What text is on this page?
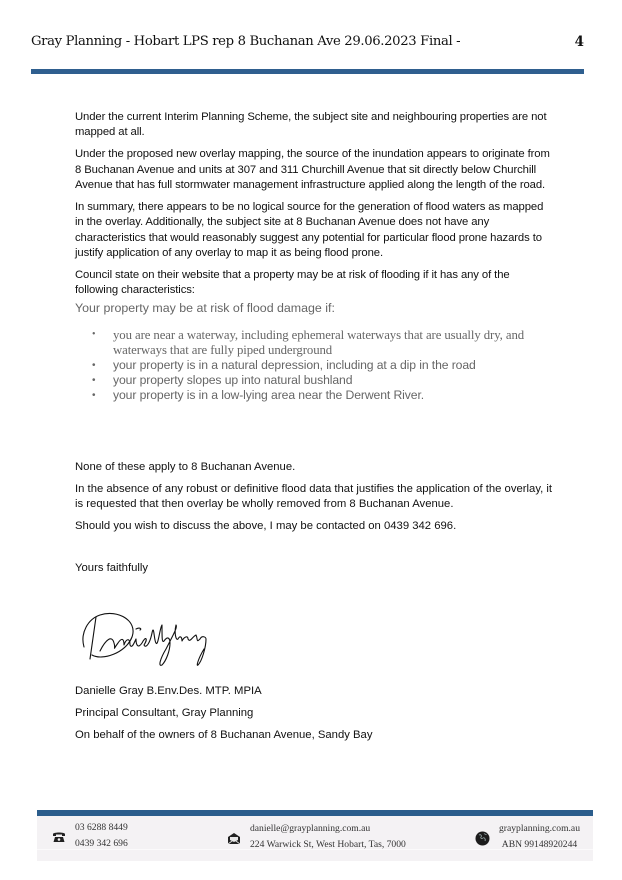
Gray Planning - Hobart LPS rep 8 Buchanan Ave 29.06.2023 Final -	4

Under the current Interim Planning Scheme, the subject site and neighbouring properties are not mapped at all.

Under the proposed new overlay mapping, the source of the inundation appears to originate from 8 Buchanan Avenue and units at 307 and 311 Churchill Avenue that sit directly below Churchill Avenue that has full stormwater management infrastructure applied along the length of the road.

In summary, there appears to be no logical source for the generation of flood waters as mapped in the overlay. Additionally, the subject site at 8 Buchanan Avenue does not have any characteristics that would reasonably suggest any potential for particular flood prone hazards to justify application of any overlay to map it as being flood prone.

Council state on their website that a property may be at risk of flooding if it has any of the following characteristics:

Your property may be at risk of flood damage if:
• you are near a waterway, including ephemeral waterways that are usually dry, and waterways that are fully piped underground
• your property is in a natural depression, including at a dip in the road
• your property slopes up into natural bushland
• your property is in a low-lying area near the Derwent River.

None of these apply to 8 Buchanan Avenue.

In the absence of any robust or definitive flood data that justifies the application of the overlay, it is requested that then overlay be wholly removed from 8 Buchanan Avenue.

Should you wish to discuss the above, I may be contacted on 0439 342 696.

Yours faithfully
Danielle Gray B.Env.Des. MTP. MPIA
Principal Consultant, Gray Planning
On behalf of the owners of 8 Buchanan Avenue, Sandy Bay
03 6288 8449
0439 342 696
danielle@grayplanning.com.au
224 Warwick St, West Hobart, Tas, 7000
grayplanning.com.au
ABN 99148920244
